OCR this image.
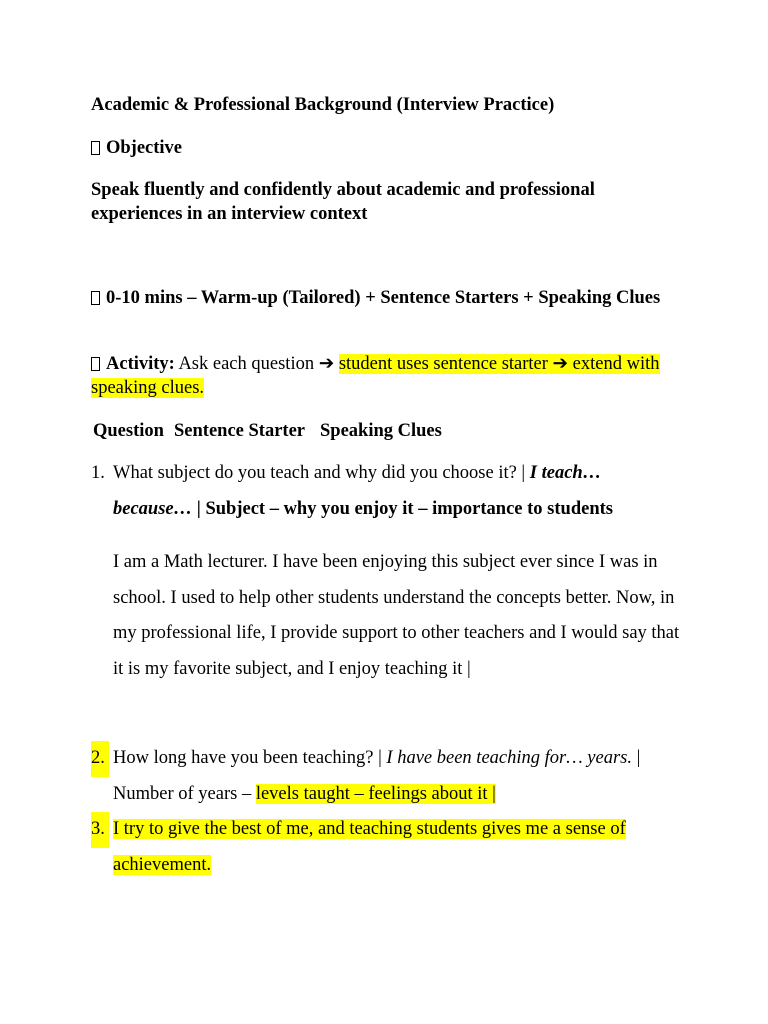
Academic & Professional Background (Interview Practice)
Objective
Speak fluently and confidently about academic and professional experiences in an interview context
0-10 mins – Warm-up (Tailored) + Sentence Starters + Speaking Clues
Activity: Ask each question ➔ student uses sentence starter ➔ extend with speaking clues.
Question Sentence Starter Speaking Clues
1. What subject do you teach and why did you choose it? | I teach… because… | Subject – why you enjoy it – importance to students
I am a Math lecturer. I have been enjoying this subject ever since I was in school. I used to help other students understand the concepts better. Now, in my professional life, I provide support to other teachers and I would say that it is my favorite subject, and I enjoy teaching it |
2. How long have you been teaching? | I have been teaching for… years. | Number of years – levels taught – feelings about it |
3. I try to give the best of me, and teaching students gives me a sense of achievement.
